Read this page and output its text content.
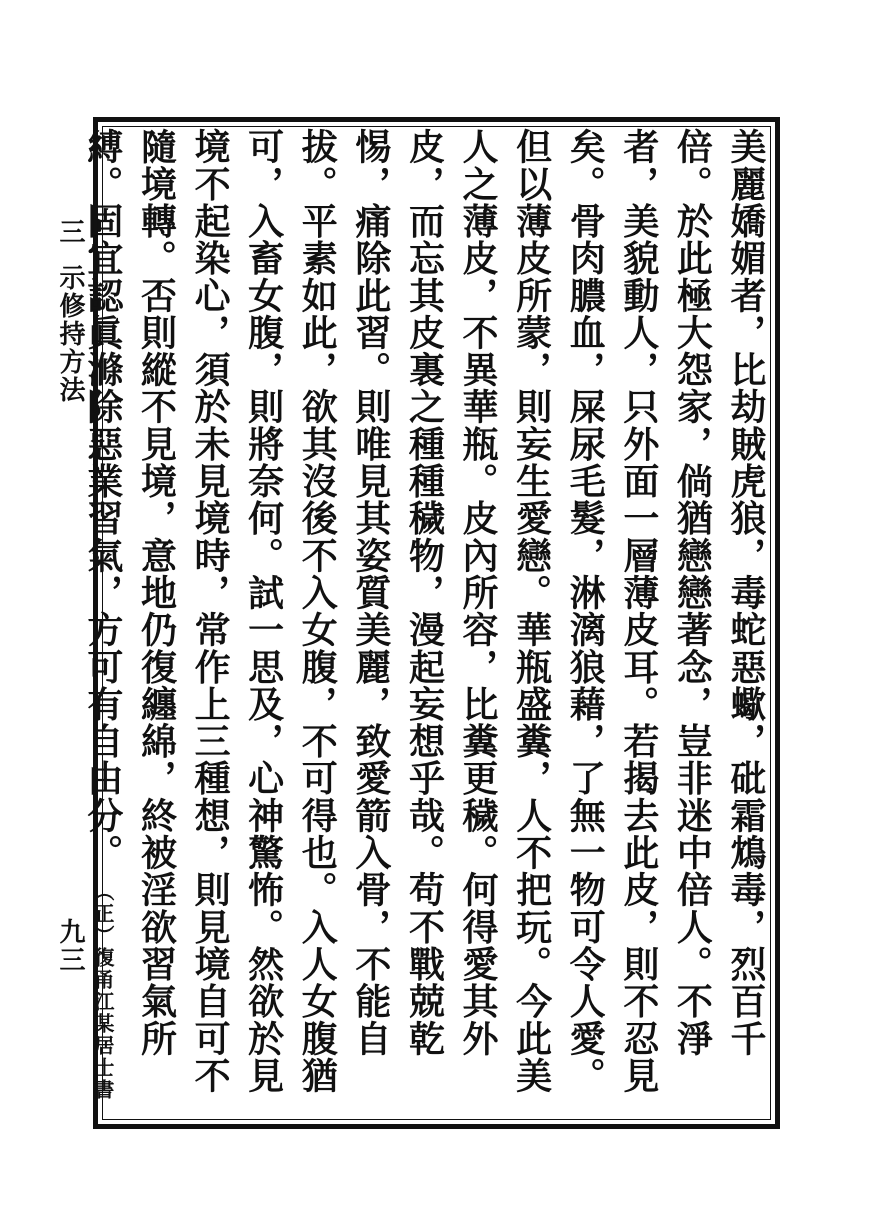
三示修持方法
九三	美麗嬌媚者，比劫賊虎狼，毒蛇惡蠍，砒霜鴆毒，烈百千倍。於此極大怨家，倘猶戀戀著念，豈非迷中倍人。不淨者，美貌動人，只外面一層薄皮耳。若揭去此皮，則不忍見矣。骨肉膿血，屎尿毛髮，淋漓狼藉，了無一物可令人愛。但以薄皮所蒙，則妄生愛戀。華瓶盛糞，人不把玩。今此美人之薄皮，不異華瓶。皮內所容，比糞更穢。何得愛其外皮，而忘其皮裏之種種穢物，漫起妄想乎哉。苟不戰兢乾惕，痛除此習。則唯見其姿質美麗，致愛箭入骨，不能自拔。平素如此，欲其沒後不入女腹，不可得也。入人女腹猶可，入畜女腹，則將奈何。試一思及，心神驚怖。然欲於見境不起染心，須於未見境時，常作上三種想，則見境自可不隨境轉。否則縱不見境，意地仍復纏綿，終被淫欲習氣所縛。固宜認眞滌除惡業習氣，方可有自由分。（正）復甬江某居士書
